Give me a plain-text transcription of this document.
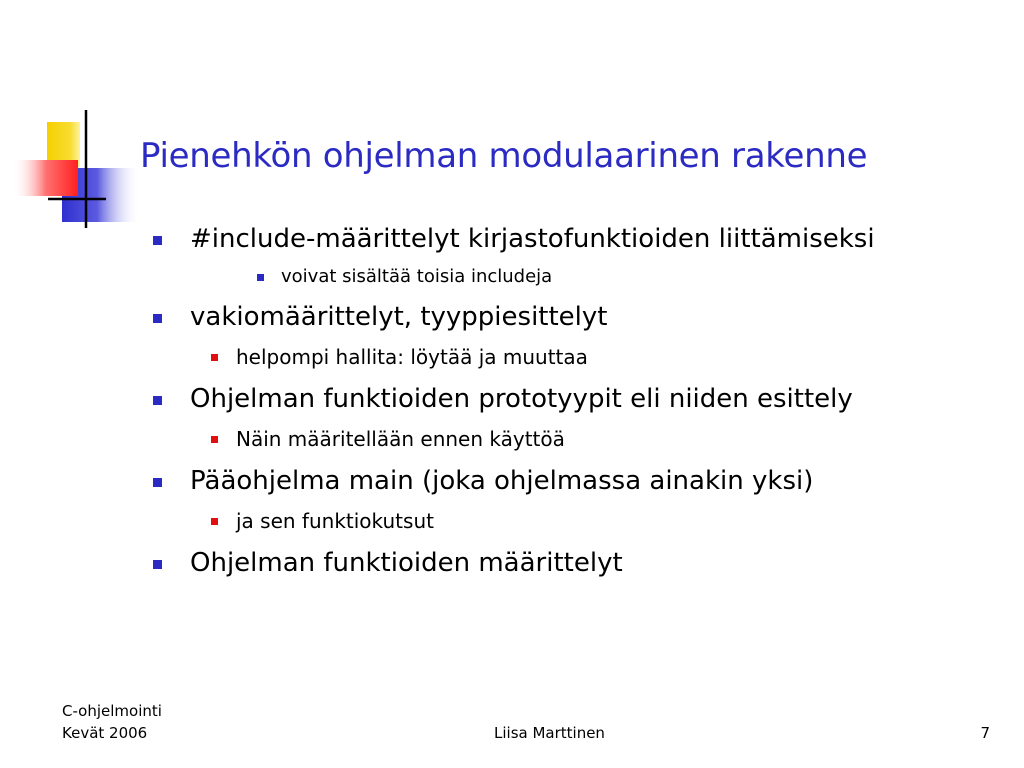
Pienehkön ohjelman modulaarinen rakenne
#include-määrittelyt kirjastofunktioiden liittämiseksi
voivat sisältää toisia includeja
vakiomäärittelyt, tyyppiesittelyt
helpompi hallita: löytää ja muuttaa
Ohjelman funktioiden prototyypit eli niiden esittely
Näin määritellään ennen käyttöä
Pääohjelma main (joka ohjelmassa ainakin yksi)
ja sen funktiokutsut
Ohjelman funktioiden määrittelyt
C-ohjelmointi
Kevät 2006	Liisa Marttinen	7
